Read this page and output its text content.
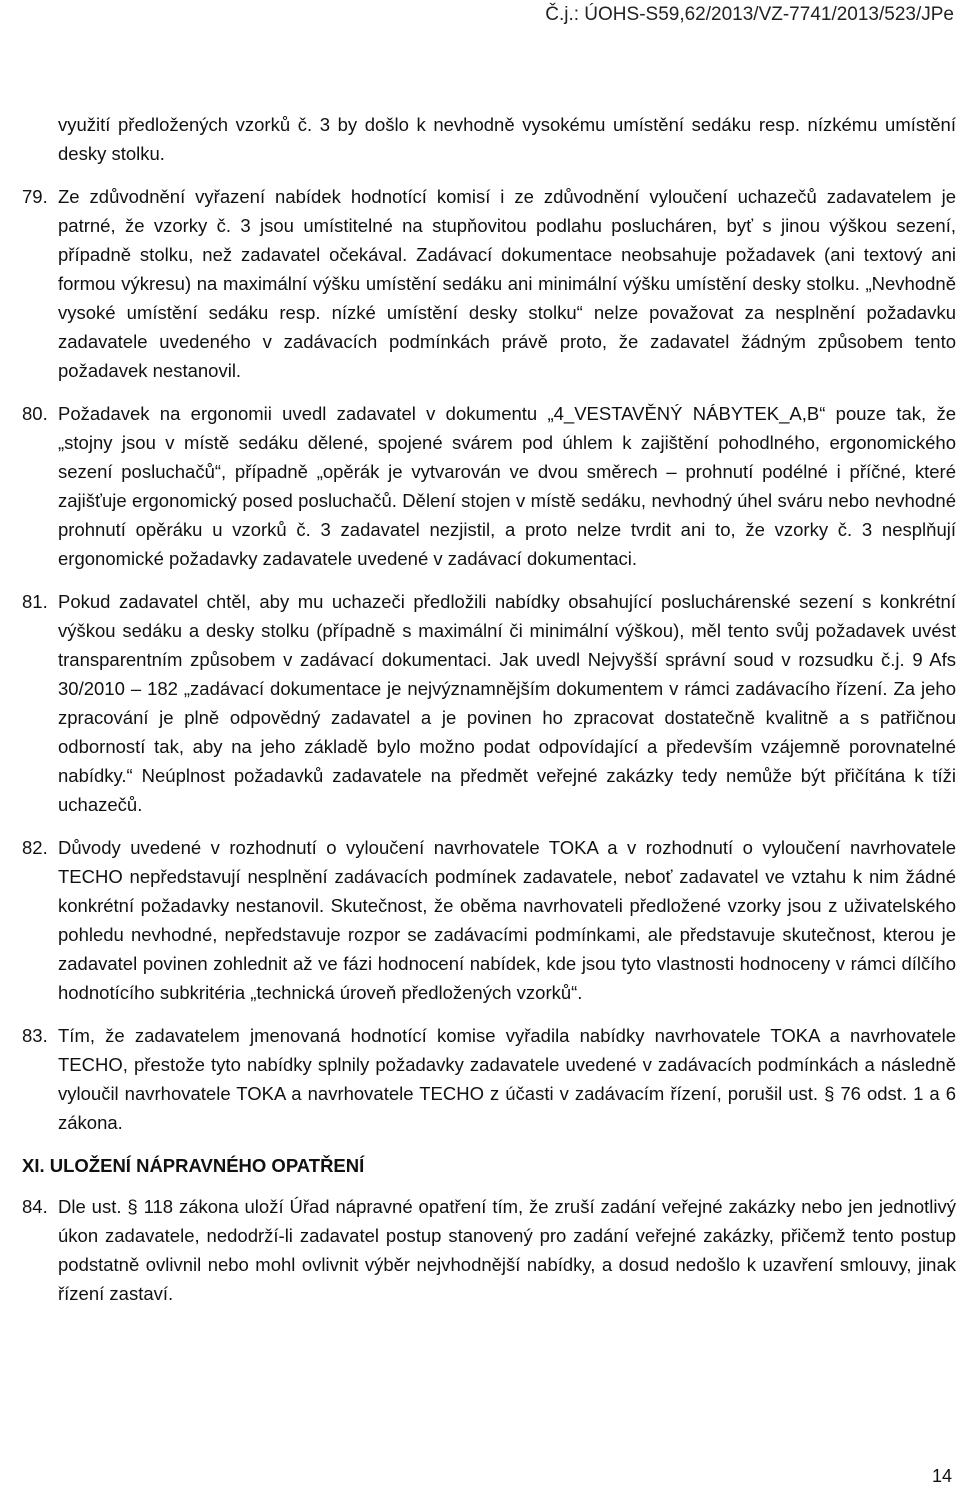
Č.j.: ÚOHS-S59,62/2013/VZ-7741/2013/523/JPe
využití předložených vzorků č. 3 by došlo k nevhodně vysokému umístění sedáku resp. nízkému umístění desky stolku.
79. Ze zdůvodnění vyřazení nabídek hodnotící komisí i ze zdůvodnění vyloučení uchazečů zadavatelem je patrné, že vzorky č. 3 jsou umístitelné na stupňovitou podlahu poslucháren, byť s jinou výškou sezení, případně stolku, než zadavatel očekával. Zadávací dokumentace neobsahuje požadavek (ani textový ani formou výkresu) na maximální výšku umístění sedáku ani minimální výšku umístění desky stolku. „Nevhodně vysoké umístění sedáku resp. nízké umístění desky stolku“ nelze považovat za nesplnění požadavku zadavatele uvedeného v zadávacích podmínkách právě proto, že zadavatel žádným způsobem tento požadavek nestanovil.
80. Požadavek na ergonomii uvedl zadavatel v dokumentu „4_VESTAVĚNÝ NÁBYTEK_A,B“ pouze tak, že „stojny jsou v místě sedáku dělené, spojené svárem pod úhlem k zajištění pohodlného, ergonomického sezení posluchačů“, případně „opěrák je vytvarován ve dvou směrech – prohnutí podélné i příčné, které zajišťuje ergonomický posed posluchačů. Dělení stojen v místě sedáku, nevhodný úhel sváru nebo nevhodné prohnutí opěráku u vzorků č. 3 zadavatel nezjistil, a proto nelze tvrdit ani to, že vzorky č. 3 nesplňují ergonomické požadavky zadavatele uvedené v zadávací dokumentaci.
81. Pokud zadavatel chtěl, aby mu uchazeči předložili nabídky obsahující posluchárenské sezení s konkrétní výškou sedáku a desky stolku (případně s maximální či minimální výškou), měl tento svůj požadavek uvést transparentním způsobem v zadávací dokumentaci. Jak uvedl Nejvyšší správní soud v rozsudku č.j. 9 Afs 30/2010 – 182 „zadávací dokumentace je nejvýznamnějším dokumentem v rámci zadávacího řízení. Za jeho zpracování je plně odpovědný zadavatel a je povinen ho zpracovat dostatečně kvalitně a s patřičnou odborností tak, aby na jeho základě bylo možno podat odpovídající a především vzájemně porovnatelné nabídky.“ Neúplnost požadavků zadavatele na předmět veřejné zakázky tedy nemůže být přičítána k tíži uchazečů.
82. Důvody uvedené v rozhodnutí o vyloučení navrhovatele TOKA a v rozhodnutí o vyloučení navrhovatele TECHO nepředstavují nesplnění zadávacích podmínek zadavatele, neboť zadavatel ve vztahu k nim žádné konkrétní požadavky nestanovil. Skutečnost, že oběma navrhovateli předložené vzorky jsou z uživatelského pohledu nevhodné, nepředstavuje rozpor se zadávacími podmínkami, ale představuje skutečnost, kterou je zadavatel povinen zohlednit až ve fázi hodnocení nabídek, kde jsou tyto vlastnosti hodnoceny v rámci dílčího hodnotícího subkritéria „technická úroveň předložených vzorků“.
83. Tím, že zadavatelem jmenovaná hodnotící komise vyřadila nabídky navrhovatele TOKA a navrhovatele TECHO, přestože tyto nabídky splnily požadavky zadavatele uvedené v zadávacích podmínkách a následně vyloučil navrhovatele TOKA a navrhovatele TECHO z účasti v zadávacím řízení, porušil ust. § 76 odst. 1 a 6 zákona.
XI. ULOŽENÍ NÁPRAVNÉHO OPATŘENÍ
84. Dle ust. § 118 zákona uloží Úřad nápravné opatření tím, že zruší zadání veřejné zakázky nebo jen jednotlivý úkon zadavatele, nedodrží-li zadavatel postup stanovený pro zadání veřejné zakázky, přičemž tento postup podstatně ovlivnil nebo mohl ovlivnit výběr nejvhodnější nabídky, a dosud nedošlo k uzavření smlouvy, jinak řízení zastaví.
14
